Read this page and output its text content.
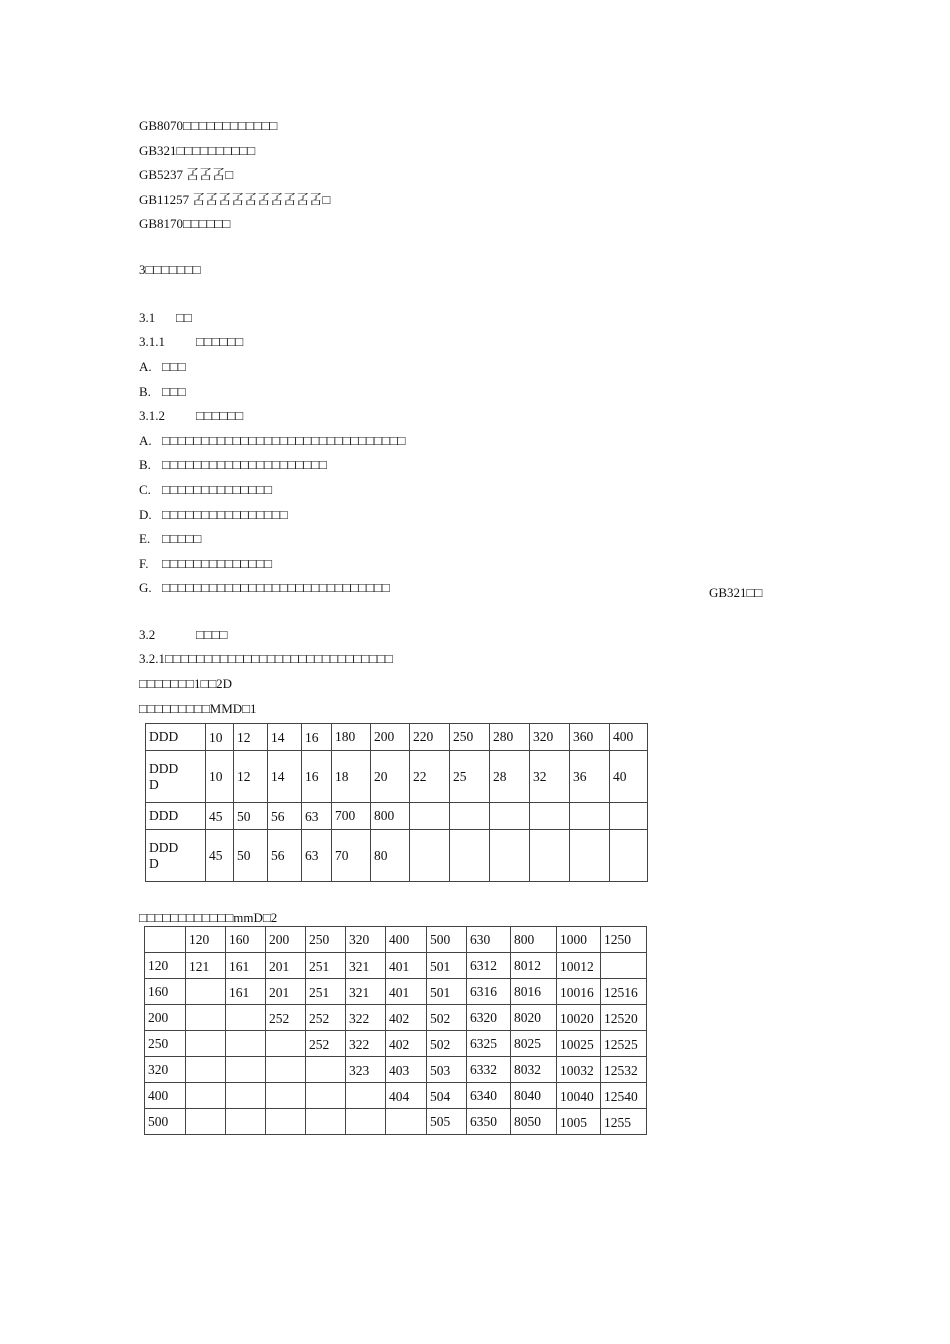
GB8070□□□□□□□□□□□□
GB321□□□□□□□□□□
GB5237 叾叾叾□
GB11257 叾叾叾叾叾叾叾叾叾叾□
GB8170□□□□□□
3□□□□□□□
3.1 □□
3.1.1 □□□□□□
A. □□□
B. □□□
3.1.2 □□□□□□
A. □□□□□□□□□□□□□□□□□□□□□□□□□□□□□□□
B. □□□□□□□□□□□□□□□□□□□□□
C. □□□□□□□□□□□□□□
D. □□□□□□□□□□□□□□□□
E. □□□□□
F. □□□□□□□□□□□□□□
G. □□□□□□□□□□□□□□□□□□□□□□□□□□□□□	GB321□□
3.2	□□□□
3.2.1□□□□□□□□□□□□□□□□□□□□□□□□□□□□□
□□□□□□□1□□2D
□□□□□□□□□MMD□1
DDD	10	12	14	16	180	200	220	250	280	320	360	400

DDD D	10	12	14	16	18	20	22	25	28	32	36	40
DDD	45	50	56	63	700	800						

DDD D	45	50	56	63	70	80						
□□□□□□□□□□□□mmD□2
	120	160	200	250	320	400	500	630	800	1000	1250
120	121	161	201	251	321	401	501	6312	8012	10012	

160		161	201	251	321	401	501	6316	8016	10016	12516

200			252	252	322	402	502	6320	8020	10020	12520

250				252	322	402	502	6325	8025	10025	12525

320					323	403	503	6332	8032	10032	12532

400						404	504	6340	8040	10040	12540

500							505	6350	8050	1005	1255
